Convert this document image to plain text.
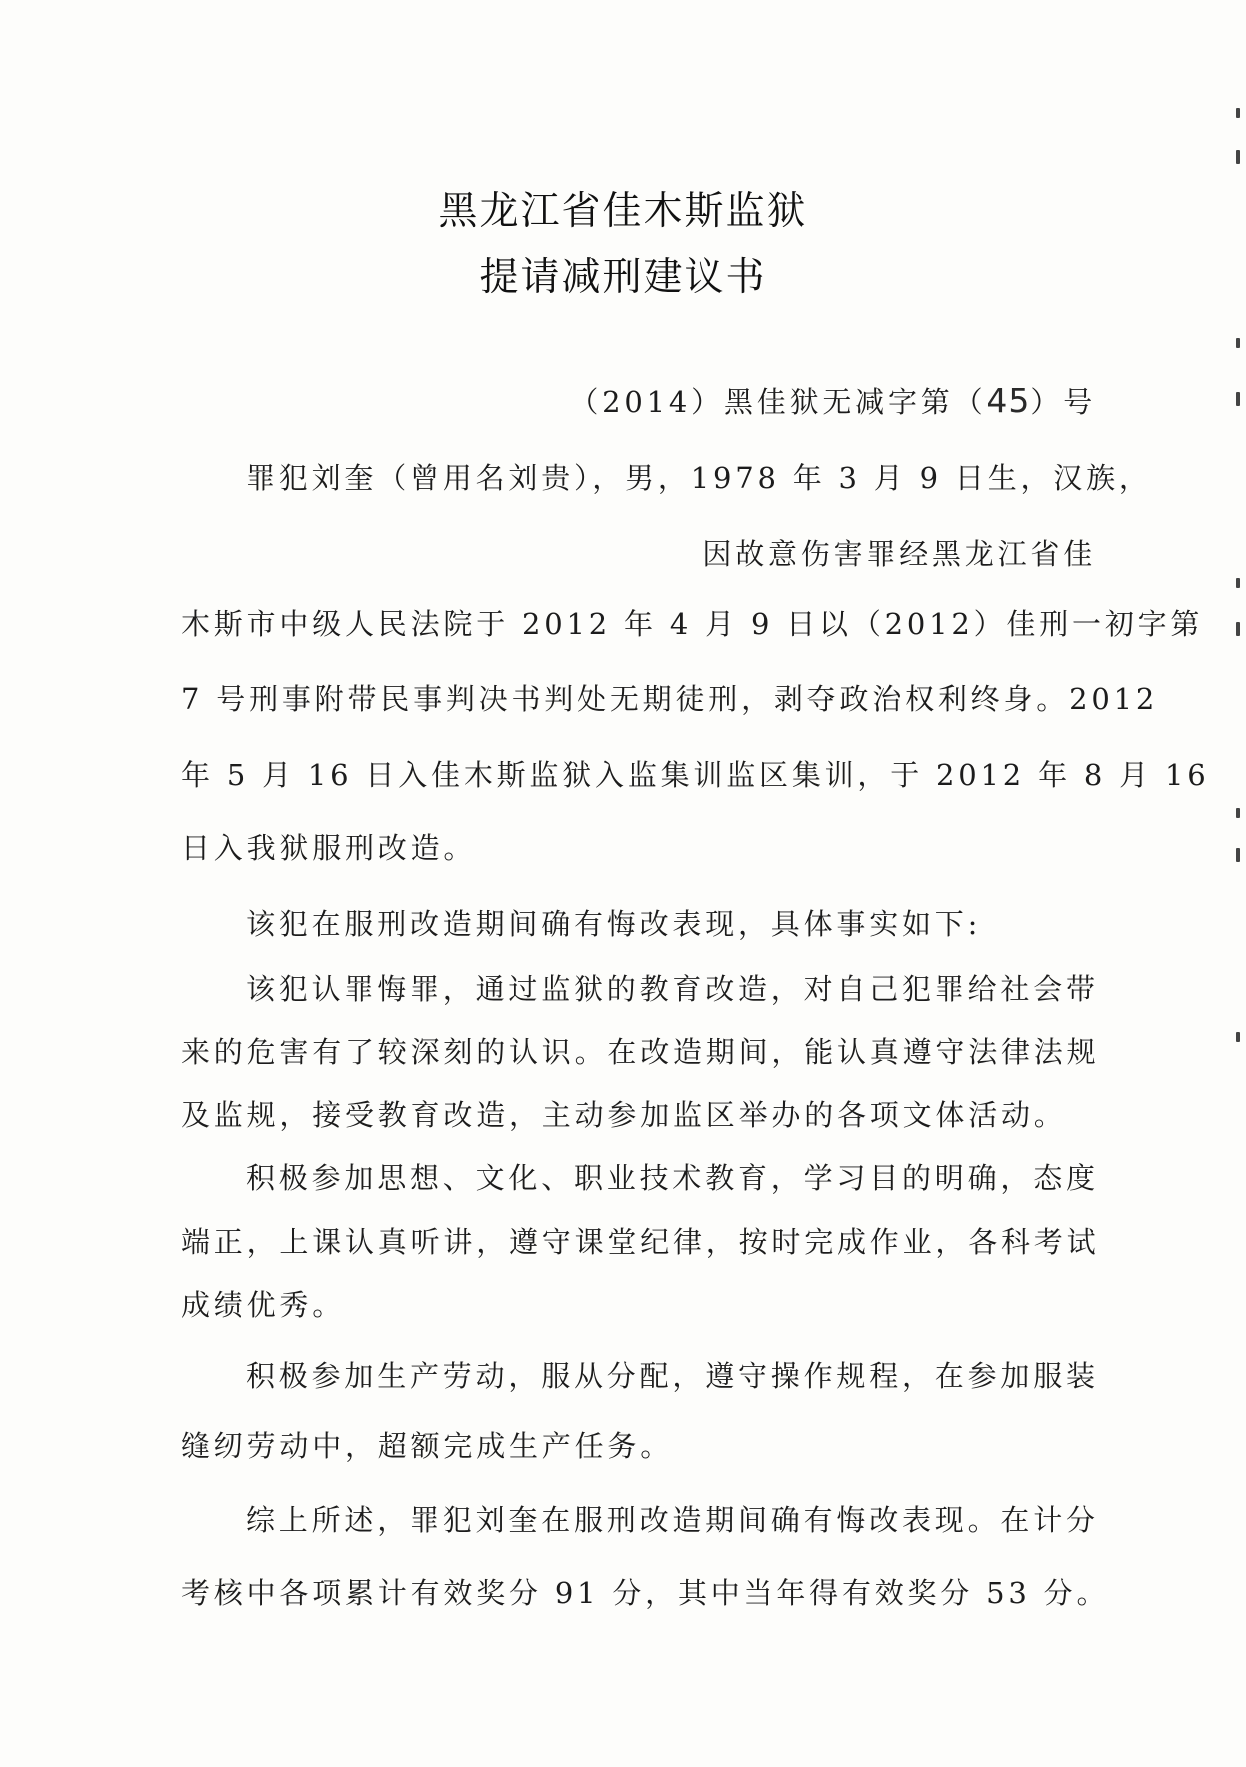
黑龙江省佳木斯监狱
提请减刑建议书
（2014）黑佳狱无减字第（45）号

罪犯刘奎（曾用名刘贵），男，1978 年 3 月 9 日生，汉族，

因故意伤害罪经黑龙江省佳

木斯市中级人民法院于 2012 年 4 月 9 日以（2012）佳刑一初字第

7 号刑事附带民事判决书判处无期徒刑，剥夺政治权利终身。2012

年 5 月 16 日入佳木斯监狱入监集训监区集训，于 2012 年 8 月 16

日入我狱服刑改造。

该犯在服刑改造期间确有悔改表现，具体事实如下:

该犯认罪悔罪，通过监狱的教育改造，对自己犯罪给社会带

来的危害有了较深刻的认识。在改造期间，能认真遵守法律法规

及监规，接受教育改造，主动参加监区举办的各项文体活动。

积极参加思想、文化、职业技术教育，学习目的明确，态度

端正，上课认真听讲，遵守课堂纪律，按时完成作业，各科考试

成绩优秀。

积极参加生产劳动，服从分配，遵守操作规程，在参加服装

缝纫劳动中，超额完成生产任务。

综上所述，罪犯刘奎在服刑改造期间确有悔改表现。在计分

考核中各项累计有效奖分 91 分，其中当年得有效奖分 53 分。
